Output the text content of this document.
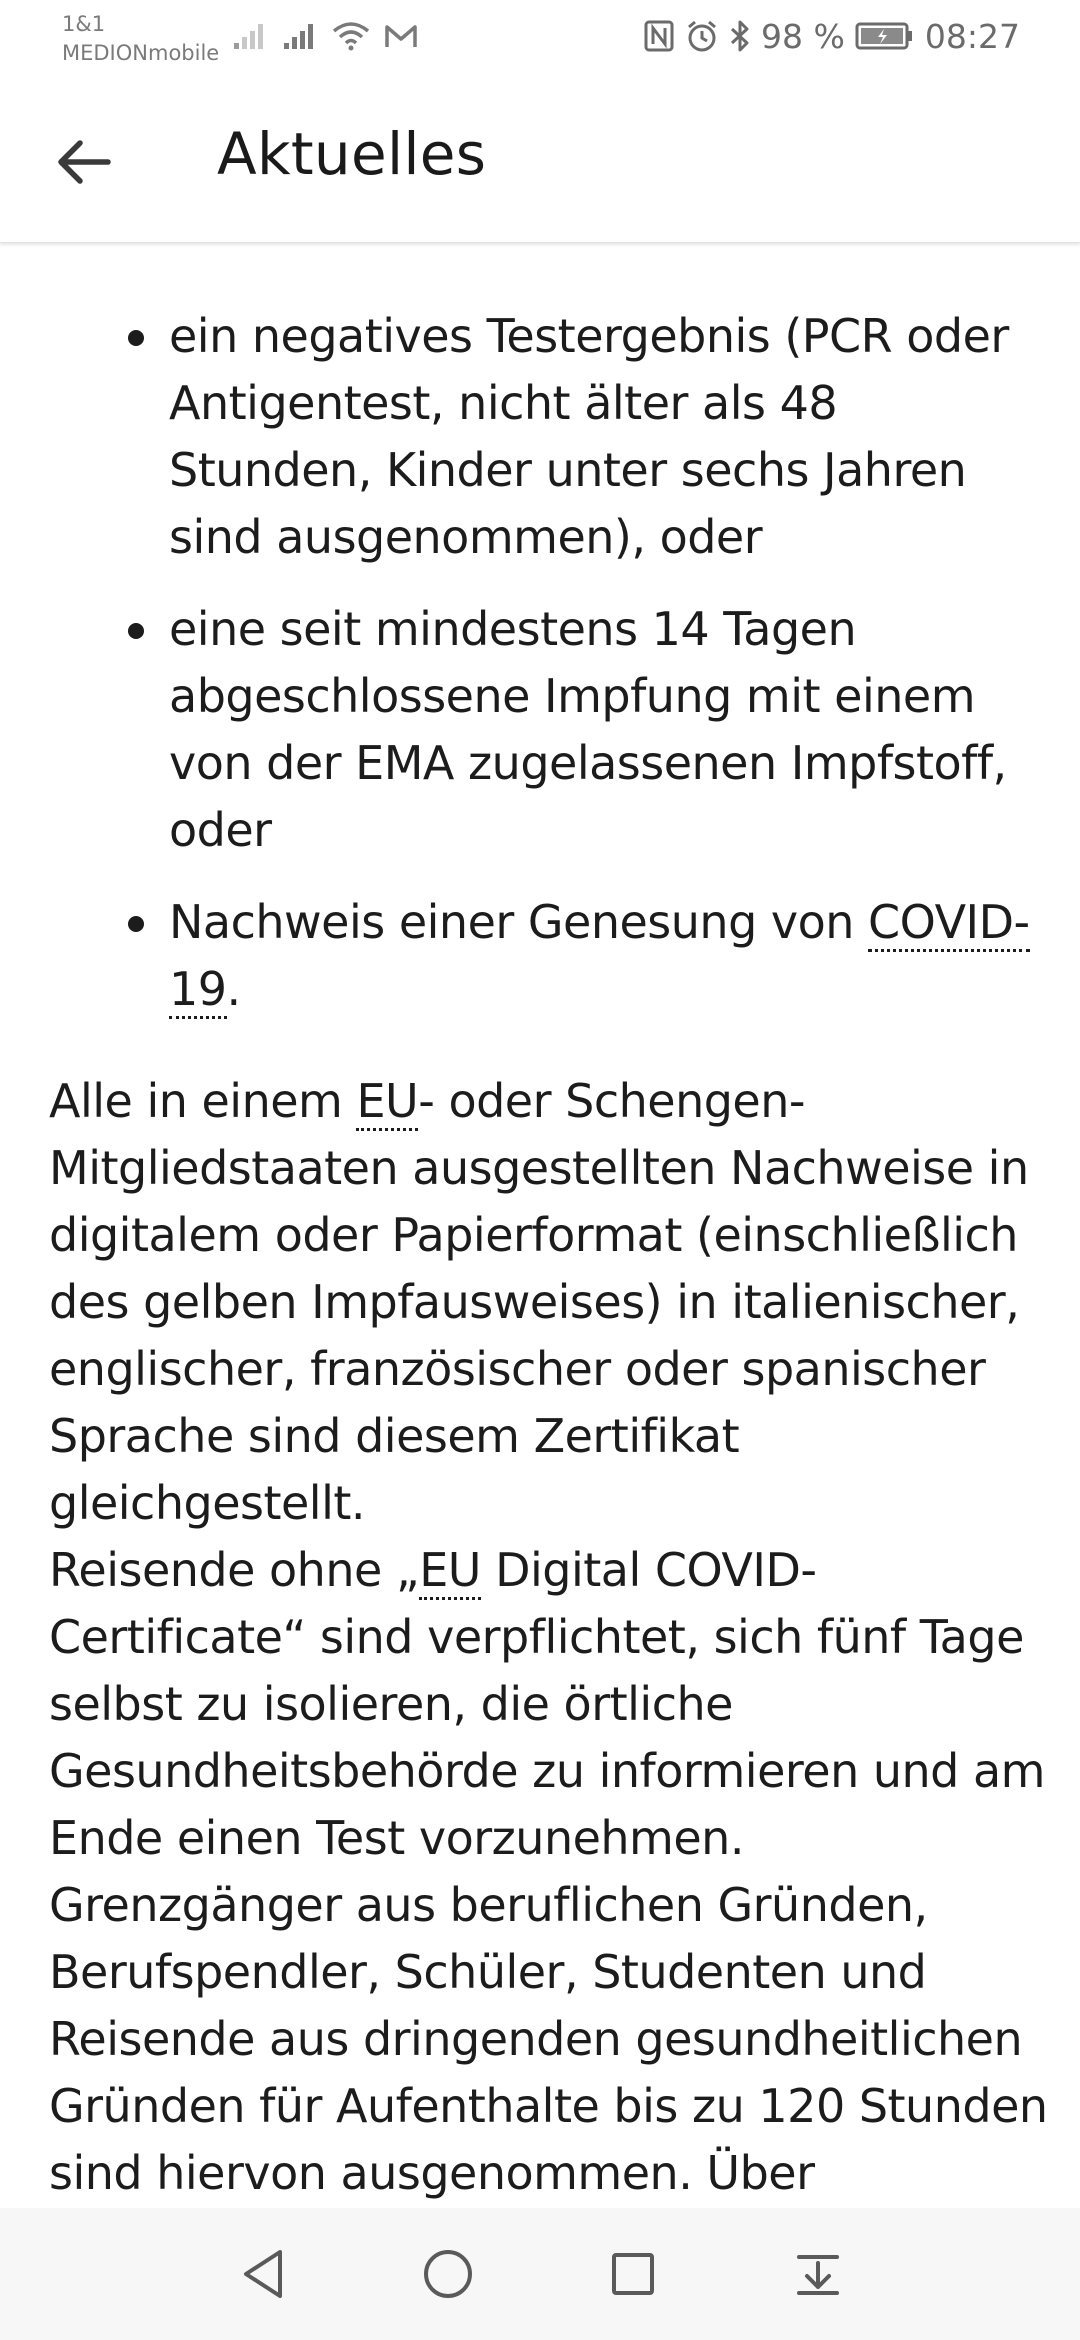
1&1
MEDIONmobile	98 % 08:27
Aktuelles
ein negatives Testergebnis (PCR oder Antigentest, nicht älter als 48 Stunden, Kinder unter sechs Jahren sind ausgenommen), oder
eine seit mindestens 14 Tagen abgeschlossene Impfung mit einem von der EMA zugelassenen Impfstoff, oder
Nachweis einer Genesung von COVID-19.

Alle in einem EU- oder Schengen-Mitgliedstaaten ausgestellten Nachweise in digitalem oder Papierformat (einschließlich des gelben Impfausweises) in italienischer, englischer, französischer oder spanischer Sprache sind diesem Zertifikat gleichgestellt.
Reisende ohne „EU Digital COVID-Certificate“ sind verpflichtet, sich fünf Tage selbst zu isolieren, die örtliche Gesundheitsbehörde zu informieren und am Ende einen Test vorzunehmen.
Grenzgänger aus beruflichen Gründen, Berufspendler, Schüler, Studenten und Reisende aus dringenden gesundheitlichen Gründen für Aufenthalte bis zu 120 Stunden sind hiervon ausgenommen. Über
